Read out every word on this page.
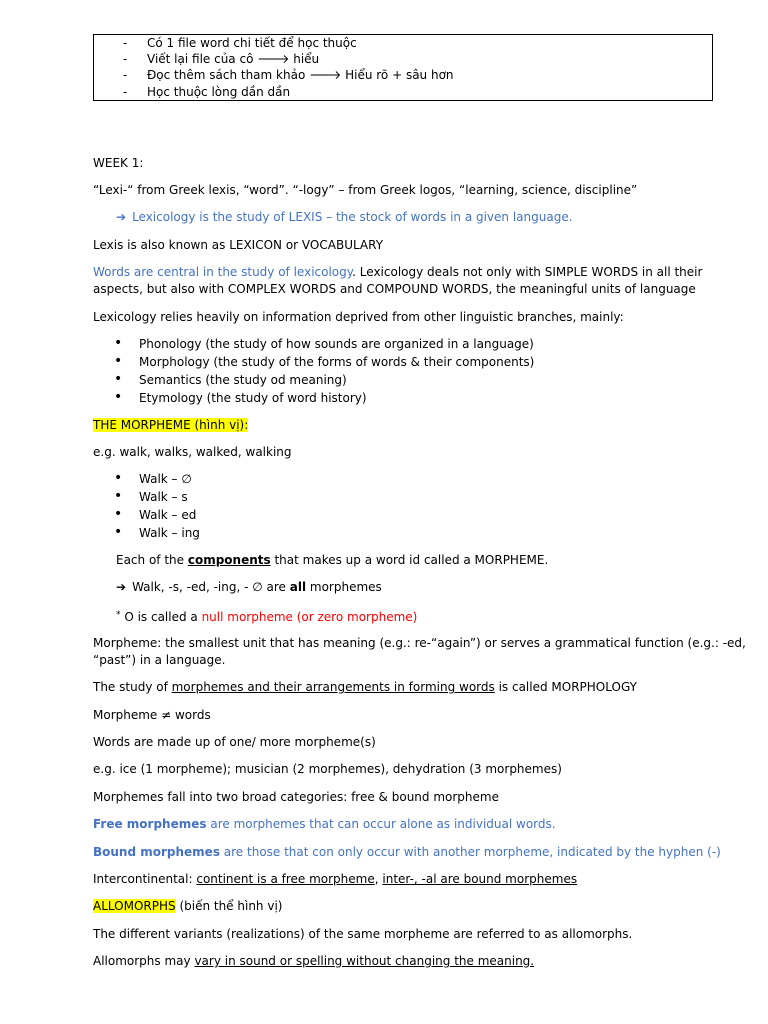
- Có 1 file word chi tiết để học thuộc
- Viết lại file của cô 🡒 hiểu
- Đọc thêm sách tham khảo 🡒 Hiểu rõ + sâu hơn
- Học thuộc lòng dần dần
WEEK 1:
“Lexi-“ from Greek lexis, “word”. “-logy” – from Greek logos, “learning, science, discipline”
➔ Lexicology is the study of LEXIS – the stock of words in a given language.
Lexis is also known as LEXICON or VOCABULARY
Words are central in the study of lexicology. Lexicology deals not only with SIMPLE WORDS in all their
aspects, but also with COMPLEX WORDS and COMPOUND WORDS, the meaningful units of language
Lexicology relies heavily on information deprived from other linguistic branches, mainly:
• Phonology (the study of how sounds are organized in a language)
• Morphology (the study of the forms of words & their components)
• Semantics (the study od meaning)
• Etymology (the study of word history)
THE MORPHEME (hình vị):
e.g. walk, walks, walked, walking
• Walk – ∅
• Walk – s
• Walk – ed
• Walk – ing
Each of the components that makes up a word id called a MORPHEME.
➔ Walk, -s, -ed, -ing, - ∅ are all morphemes
* O is called a null morpheme (or zero morpheme)
Morpheme: the smallest unit that has meaning (e.g.: re-“again”) or serves a grammatical function (e.g.: -ed,
“past”) in a language.
The study of morphemes and their arrangements in forming words is called MORPHOLOGY
Morpheme ≠ words
Words are made up of one/ more morpheme(s)
e.g. ice (1 morpheme); musician (2 morphemes), dehydration (3 morphemes)
Morphemes fall into two broad categories: free & bound morpheme
Free morphemes are morphemes that can occur alone as individual words.
Bound morphemes are those that con only occur with another morpheme, indicated by the hyphen (-)
Intercontinental: continent is a free morpheme, inter-, -al are bound morphemes
ALLOMORPHS (biến thể hình vị)
The different variants (realizations) of the same morpheme are referred to as allomorphs.
Allomorphs may vary in sound or spelling without changing the meaning.
